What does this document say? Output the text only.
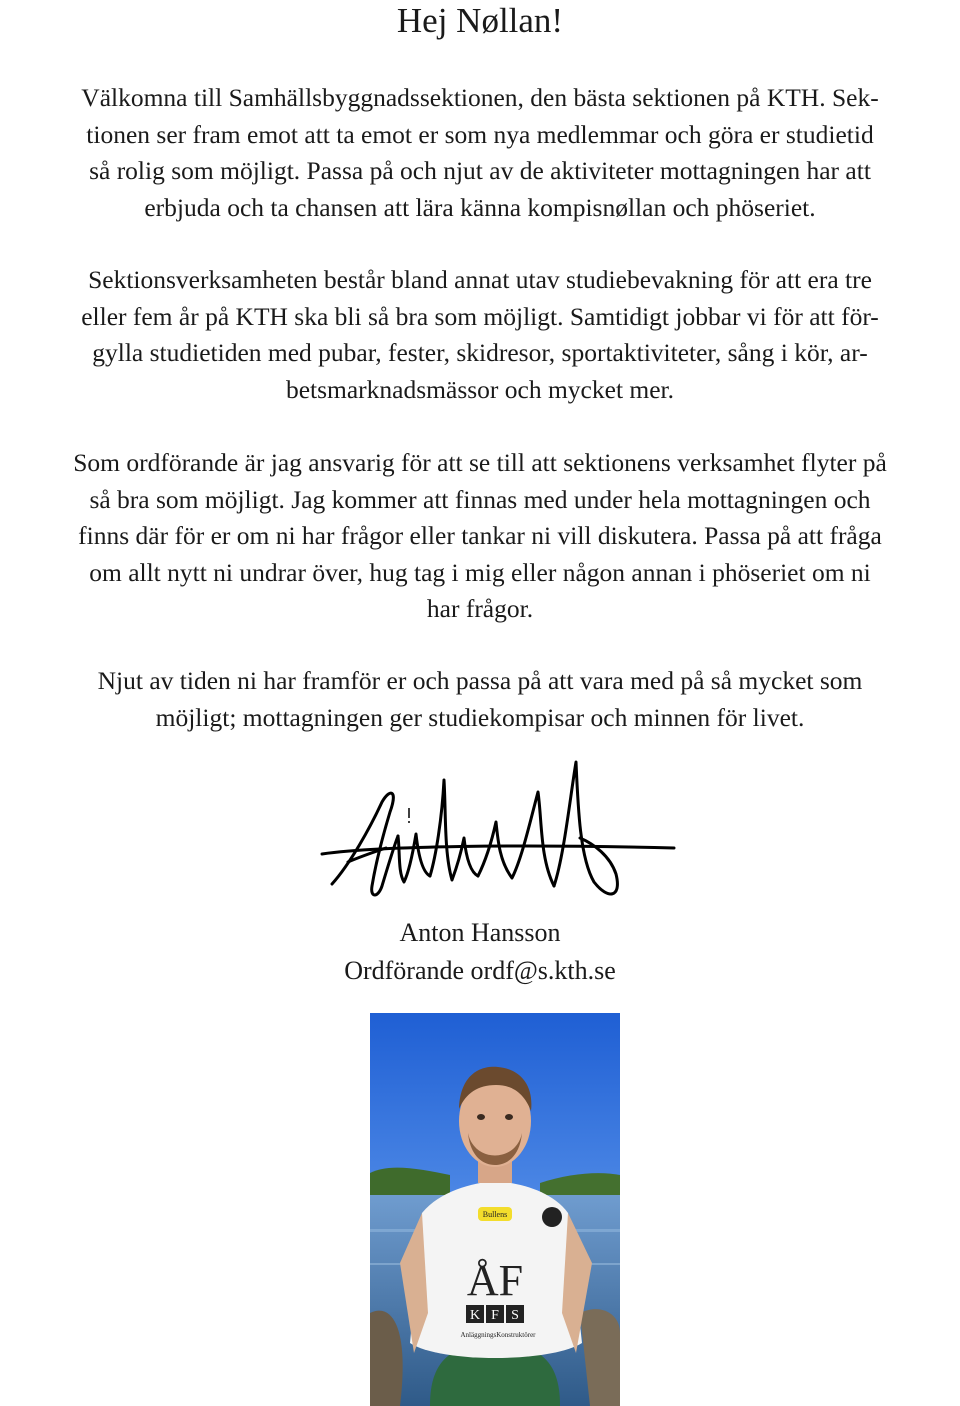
Hej Nøllan!

Välkomna till Samhällsbyggnadssektionen, den bästa sektionen på KTH. Sek-
tionen ser fram emot att ta emot er som nya medlemmar och göra er studietid
så rolig som möjligt. Passa på och njut av de aktiviteter mottagningen har att
erbjuda och ta chansen att lära känna kompisnøllan och phöseriet.

Sektionsverksamheten består bland annat utav studiebevakning för att era tre
eller fem år på KTH ska bli så bra som möjligt. Samtidigt jobbar vi för att för-
gylla studietiden med pubar, fester, skidresor, sportaktiviteter, sång i kör, ar-
betsmarknadsmässor och mycket mer.

Som ordförande är jag ansvarig för att se till att sektionens verksamhet flyter på
så bra som möjligt. Jag kommer att finnas med under hela mottagningen och
finns där för er om ni har frågor eller tankar ni vill diskutera. Passa på att fråga
om allt nytt ni undrar över, hug tag i mig eller någon annan i phöseriet om ni
har frågor.

Njut av tiden ni har framför er och passa på att vara med på så mycket som
möjligt; mottagningen ger studiekompisar och minnen för livet.

Anton Hansson
Ordförande ordf@s.kth.se
Bullens
ÅF
K F S
AnläggningsKonstruktörer
